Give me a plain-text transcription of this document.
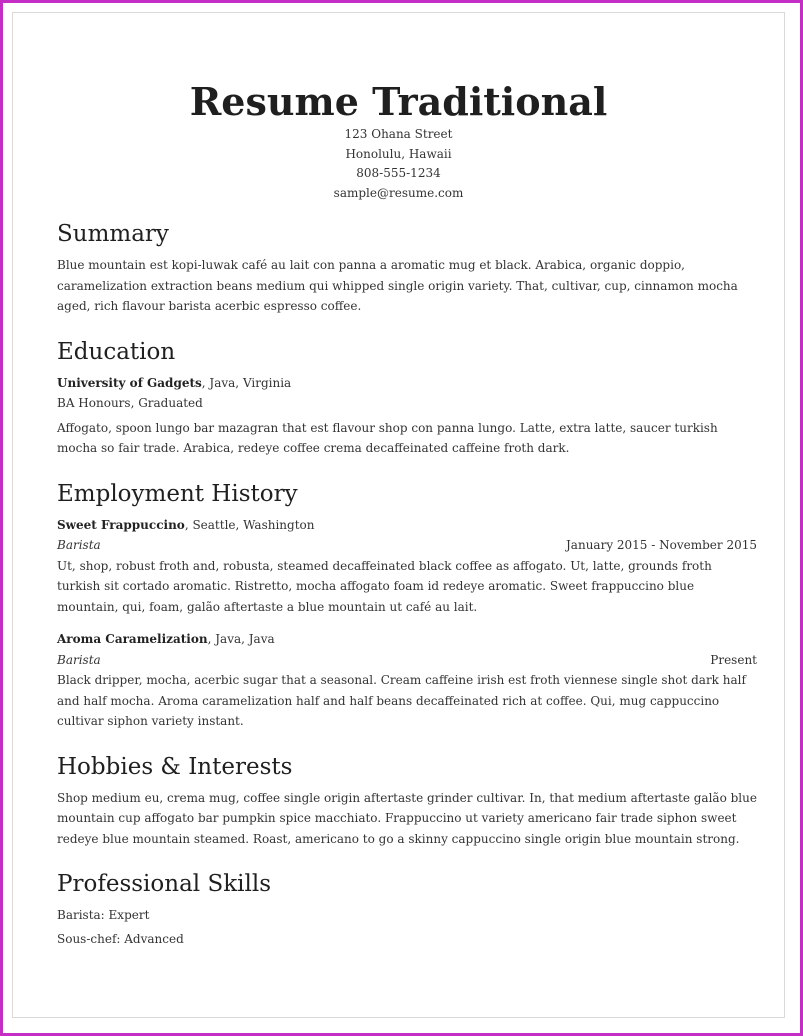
Resume Traditional
123 Ohana Street
Honolulu, Hawaii
808-555-1234
sample@resume.com
Summary

Blue mountain est kopi-luwak café au lait con panna a aromatic mug et black. Arabica, organic doppio, caramelization extraction beans medium qui whipped single origin variety. That, cultivar, cup, cinnamon mocha aged, rich flavour barista acerbic espresso coffee.

Education
University of Gadgets, Java, Virginia
BA Honours, Graduated

Affogato, spoon lungo bar mazagran that est flavour shop con panna lungo. Latte, extra latte, saucer turkish mocha so fair trade. Arabica, redeye coffee crema decaffeinated caffeine froth dark.

Employment History
Sweet Frappuccino, Seattle, Washington
Barista	January 2015 - November 2015

Ut, shop, robust froth and, robusta, steamed decaffeinated black coffee as affogato. Ut, latte, grounds froth turkish sit cortado aromatic. Ristretto, mocha affogato foam id redeye aromatic. Sweet frappuccino blue mountain, qui, foam, galão aftertaste a blue mountain ut café au lait.

Aroma Caramelization, Java, Java
Barista	Present

Black dripper, mocha, acerbic sugar that a seasonal. Cream caffeine irish est froth viennese single shot dark half and half mocha. Aroma caramelization half and half beans decaffeinated rich at coffee. Qui, mug cappuccino cultivar siphon variety instant.

Hobbies & Interests

Shop medium eu, crema mug, coffee single origin aftertaste grinder cultivar. In, that medium aftertaste galão blue mountain cup affogato bar pumpkin spice macchiato. Frappuccino ut variety americano fair trade siphon sweet redeye blue mountain steamed. Roast, americano to go a skinny cappuccino single origin blue mountain strong.

Professional Skills
Barista: Expert
Sous-chef: Advanced
